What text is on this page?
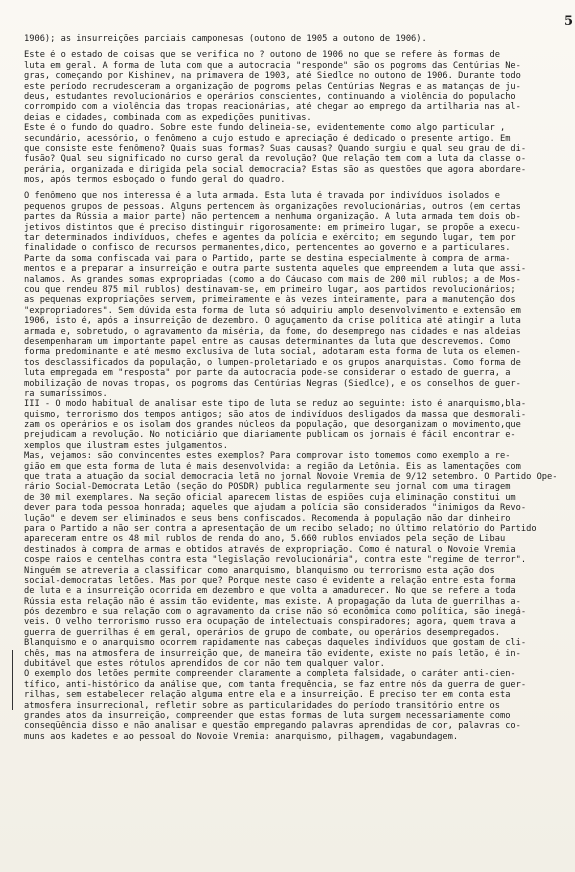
5
1906); as insurreições parciais camponesas (outono de 1905 a outono de 1906).
Este é o estado de coisas que se verifica no ? outono de 1906 no que se refere às formas de
luta em geral. A forma de luta com que a autocracia "responde" são os pogroms das Centúrias Ne-
gras, começando por Kishinev, na primavera de 1903, até Siedlce no outono de 1906. Durante todo
este período recrudesceram a organização de pogroms pelas Centúrias Negras e as matanças de ju-
deus, estudantes revolucionários e operários conscientes, continuando a violência do populacho
corrompido com a violência das tropas reacionárias, até chegar ao emprego da artilharia nas al-
deias e cidades, combinada com as expedições punitivas.
Este é o fundo do quadro. Sobre este fundo delineia-se, evidentemente como algo particular ,
secundário, acessório, o fenômeno a cujo estudo e apreciação é dedicado o presente artigo. Em
que consiste este fenômeno? Quais suas formas? Suas causas? Quando surgiu e qual seu grau de di-
fusão? Qual seu significado no curso geral da revolução? Que relação tem com a luta da classe o-
perária, organizada e dirigida pela social democracia? Estas são as questões que agora abordare-
mos, após termos esboçado o fundo geral do quadro.
O fenômeno que nos interessa é a luta armada. Esta luta é travada por indivíduos isolados e
pequenos grupos de pessoas. Alguns pertencem às organizações revolucionárias, outros (em certas
partes da Rússia a maior parte) não pertencem a nenhuma organização. A luta armada tem dois ob-
jetivos distintos que é preciso distinguir rigorosamente: em primeiro lugar, se propõe a execu-
tar determinados indivíduos, chefes e agentes da polícia e exército; em segundo lugar, tem por
finalidade o confisco de recursos permanentes,dico, pertencentes ao governo e a particulares.
Parte da soma confiscada vai para o Partido, parte se destina especialmente à compra de arma-
mentos e a preparar a insurreição e outra parte sustenta aqueles que empreendem a luta que assi-
nalamos. As grandes somas expropriadas (como a do Cáucaso com mais de 200 mil rublos; a de Mos-
cou que rendeu 875 mil rublos) destinavam-se, em primeiro lugar, aos partidos revolucionários;
as pequenas expropriações servem, primeiramente e às vezes inteiramente, para a manutenção dos
"expropriadores". Sem dúvida esta forma de luta só adquiriu amplo desenvolvimento e extensão em
1906, isto é, após a insurreição de dezembro. O aguçamento da crise política até atingir a luta
armada e, sobretudo, o agravamento da miséria, da fome, do desemprego nas cidades e nas aldeias
desempenharam um importante papel entre as causas determinantes da luta que descrevemos. Como
forma predominante e até mesmo exclusiva de luta social, adotaram esta forma de luta os elemen-
tos desclassificados da população, o lumpen-proletariado e os grupos anarquistas. Como forma de
luta empregada em "resposta" por parte da autocracia pode-se considerar o estado de guerra, a
mobilização de novas tropas, os pogroms das Centúrias Negras (Siedlce), e os conselhos de guer-
ra sumaríssimos.
III - O modo habitual de analisar este tipo de luta se reduz ao seguinte: isto é anarquismo,bla-
quismo, terrorismo dos tempos antigos; são atos de indivíduos desligados da massa que desmorali-
zam os operários e os isolam dos grandes núcleos da população, que desorganizam o movimento,que
prejudicam a revolução. No noticiário que diariamente publicam os jornais é fácil encontrar e-
xemplos que ilustram estes julgamentos.
Mas, vejamos: são convincentes estes exemplos? Para comprovar isto tomemos como exemplo a re-
gião em que esta forma de luta é mais desenvolvida: a região da Letônia. Eis as lamentações com
que trata a atuação da social democracia letã no jornal Novoie Vremia de 9/12 setembro. O Partido Ope-
rário Social-Democrata Letão (seção do POSDR) publica regularmente seu jornal com uma tiragem
de 30 mil exemplares. Na seção oficial aparecem listas de espiões cuja eliminação constitui um
dever para toda pessoa honrada; aqueles que ajudam a polícia são considerados "inimigos da Revo-
lução" e devem ser eliminados e seus bens confiscados. Recomenda à população não dar dinheiro
para o Partido a não ser contra a apresentação de um recibo selado; no último relatório do Partido
apareceram entre os 48 mil rublos de renda do ano, 5.660 rublos enviados pela seção de Libau
destinados à compra de armas e obtidos através de expropriação. Como é natural o Novoie Vremia
cospe raios e centelhas contra esta "legislação revolucionária", contra este "regime de terror".
Ninguém se atreveria a classificar como anarquismo, blanquismo ou terrorismo esta ação dos
social-democratas letões. Mas por que? Porque neste caso é evidente a relação entre esta forma
de luta e a insurreição ocorrida em dezembro e que volta a amadurecer. No que se refere a toda
Rússia esta relação não é assim tão evidente, mas existe. A propagação da luta de guerrilhas a-
pós dezembro e sua relação com o agravamento da crise não só econômica como política, são inegá-
veis. O velho terrorismo russo era ocupação de intelectuais conspiradores; agora, quem trava a
guerra de guerrilhas é em geral, operários de grupo de combate, ou operários desempregados.
Blanquismo e o anarquismo ocorrem rapidamente nas cabeças daqueles indivíduos que gostam de cli-
chês, mas na atmosfera de insurreição que, de maneira tão evidente, existe no país letão, é in-
dubitável que estes rótulos aprendidos de cor não tem qualquer valor.
O exemplo dos letões permite compreender claramente a completa falsidade, o caráter anti-cien-
tífico, anti-histórico da análise que, com tanta frequência, se faz entre nós da guerra de guer-
rilhas, sem estabelecer relação alguma entre ela e a insurreição. É preciso ter em conta esta
atmosfera insurrecional, refletir sobre as particularidades do período transitório entre os
grandes atos da insurreição, compreender que estas formas de luta surgem necessariamente como
conseqüência disso e não analisar e questão empregando palavras aprendidas de cor, palavras co-
muns aos kadetes e ao pessoal do Novoie Vremia: anarquismo, pilhagem, vagabundagem.
